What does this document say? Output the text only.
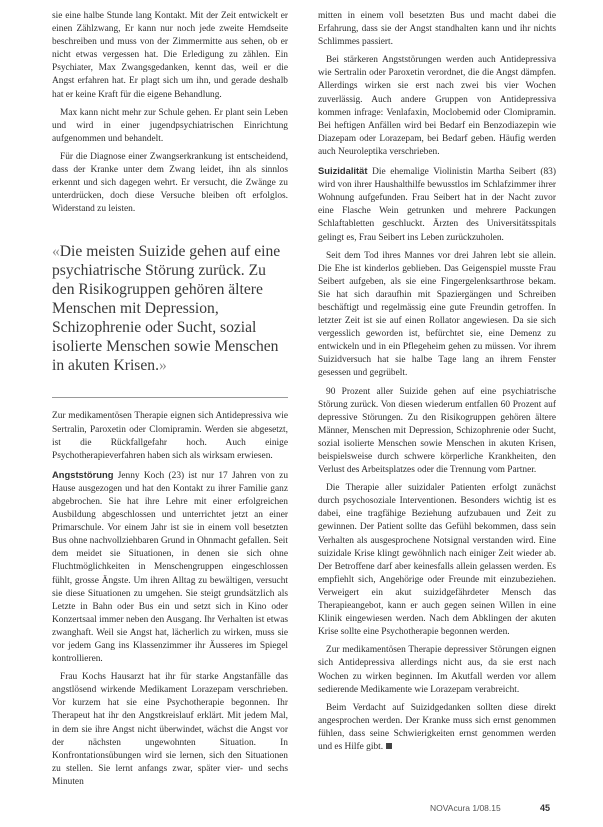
sie eine halbe Stunde lang Kontakt. Mit der Zeit entwickelt er einen Zählzwang, Er kann nur noch jede zweite Hemdseite beschreiben und muss von der Zimmermitte aus sehen, ob er nicht etwas vergessen hat. Die Erledigung zu zählen. Ein Psychiater, Max Zwangsgedanken, kennt das, weil er die Angst erfahren hat. Er plagt sich um ihn, und gerade deshalb hat er keine Kraft für die eigene Behandlung.

Max kann nicht mehr zur Schule gehen. Er plant sein Leben und wird in einer jugendpsychiatrischen Einrichtung aufgenommen und behandelt.

Für die Diagnose einer Zwangserkrankung ist entscheidend, dass der Kranke unter dem Zwang leidet, ihn als sinnlos erkennt und sich dagegen wehrt. Er versucht, die Zwänge zu unterdrücken, doch diese Versuche bleiben oft erfolglos. Widerstand zu leisten.

«Die meisten Suizide gehen auf eine psychiatrische Störung zurück. Zu den Risikogruppen gehören ältere Menschen mit Depression, Schizophrenie oder Sucht, sozial isolierte Menschen sowie Menschen in akuten Krisen.»

Zur medikamentösen Therapie eignen sich Antidepressiva wie Sertralin, Paroxetin oder Clomipramin. Werden sie abgesetzt, ist die Rückfallgefahr hoch. Auch einige Psychotherapieverfahren haben sich als wirksam erwiesen.

Angststörung Jenny Koch (23) ist nur 17 Jahren von zu Hause ausgezogen und hat den Kontakt zu ihrer Familie ganz abgebrochen. Sie hat ihre Lehre mit einer erfolgreichen Ausbildung abgeschlossen und unterrichtet jetzt an einer Primarschule. Vor einem Jahr ist sie in einem voll besetzten Bus ohne nachvollziehbaren Grund in Ohnmacht gefallen. Seit dem meidet sie Situationen, in denen sie sich ohne Fluchtmöglichkeiten in Menschengruppen eingeschlossen fühlt, grosse Ängste. Um ihren Alltag zu bewältigen, versucht sie diese Situationen zu umgehen. Sie steigt grundsätzlich als Letzte in Bahn oder Bus ein und setzt sich in Kino oder Konzertsaal immer neben den Ausgang. Ihr Verhalten ist etwas zwanghaft. Weil sie Angst hat, lächerlich zu wirken, muss sie vor jedem Gang ins Klassenzimmer ihr Äusseres im Spiegel kontrollieren.

Frau Kochs Hausarzt hat ihr für starke Angstanfälle das angstlösend wirkende Medikament Lorazepam verschrieben. Vor kurzem hat sie eine Psychotherapie begonnen. Ihr Therapeut hat ihr den Angstkreislauf erklärt. Mit jedem Mal, in dem sie ihre Angst nicht überwindet, wächst die Angst vor der nächsten ungewohnten Situation. In Konfrontationsübungen wird sie lernen, sich den Situationen zu stellen. Sie lernt anfangs zwar, später vier- und sechs Minuten

mitten in einem voll besetzten Bus und macht dabei die Erfahrung, dass sie der Angst standhalten kann und ihr nichts Schlimmes passiert.

Bei stärkeren Angststörungen werden auch Antidepressiva wie Sertralin oder Paroxetin verordnet, die die Angst dämpfen. Allerdings wirken sie erst nach zwei bis vier Wochen zuverlässig. Auch andere Gruppen von Antidepressiva kommen infrage: Venlafaxin, Moclobemid oder Clomipramin. Bei heftigen Anfällen wird bei Bedarf ein Benzodiazepin wie Diazepam oder Lorazepam, bei Bedarf geben. Häufig werden auch Neuroleptika verschrieben.

Suizidalität Die ehemalige Violinistin Martha Seibert (83) wird von ihrer Haushalthilfe bewusstlos im Schlafzimmer ihrer Wohnung aufgefunden. Frau Seibert hat in der Nacht zuvor eine Flasche Wein getrunken und mehrere Packungen Schlaftabletten geschluckt. Ärzten des Universitätsspitals gelingt es, Frau Seibert ins Leben zurückzuholen.

Seit dem Tod ihres Mannes vor drei Jahren lebt sie allein. Die Ehe ist kinderlos geblieben. Das Geigenspiel musste Frau Seibert aufgeben, als sie eine Fingergelenksarthrose bekam. Sie hat sich daraufhin mit Spaziergängen und Schreiben beschäftigt und regelmässig eine gute Freundin getroffen. In letzter Zeit ist sie auf einen Rollator angewiesen. Da sie sich vergesslich geworden ist, befürchtet sie, eine Demenz zu entwickeln und in ein Pflegeheim gehen zu müssen. Vor ihrem Suizidversuch hat sie halbe Tage lang an ihrem Fenster gesessen und gegrübelt.

90 Prozent aller Suizide gehen auf eine psychiatrische Störung zurück. Von diesen wiederum entfallen 60 Prozent auf depressive Störungen. Zu den Risikogruppen gehören ältere Männer, Menschen mit Depression, Schizophrenie oder Sucht, sozial isolierte Menschen sowie Menschen in akuten Krisen, beispielsweise durch schwere körperliche Krankheiten, den Verlust des Arbeitsplatzes oder die Trennung vom Partner.

Die Therapie aller suizidaler Patienten erfolgt zunächst durch psychosoziale Interventionen. Besonders wichtig ist es dabei, eine tragfähige Beziehung aufzubauen und Zeit zu gewinnen. Der Patient sollte das Gefühl bekommen, dass sein Verhalten als ausgesprochene Notsignal verstanden wird. Eine suizidale Krise klingt gewöhnlich nach einiger Zeit wieder ab. Der Betroffene darf aber keinesfalls allein gelassen werden. Es empfiehlt sich, Angehörige oder Freunde mit einzubeziehen. Verweigert ein akut suizidgefährdeter Mensch das Therapieangebot, kann er auch gegen seinen Willen in eine Klinik eingewiesen werden. Nach dem Abklingen der akuten Krise sollte eine Psychotherapie begonnen werden.

Zur medikamentösen Therapie depressiver Störungen eignen sich Antidepressiva allerdings nicht aus, da sie erst nach Wochen zu wirken beginnen. Im Akutfall werden vor allem sedierende Medikamente wie Lorazepam verabreicht.

Beim Verdacht auf Suizidgedanken sollten diese direkt angesprochen werden. Der Kranke muss sich ernst genommen fühlen, dass seine Schwierigkeiten ernst genommen werden und es Hilfe gibt.

NOVAcura 1/08.15	45
